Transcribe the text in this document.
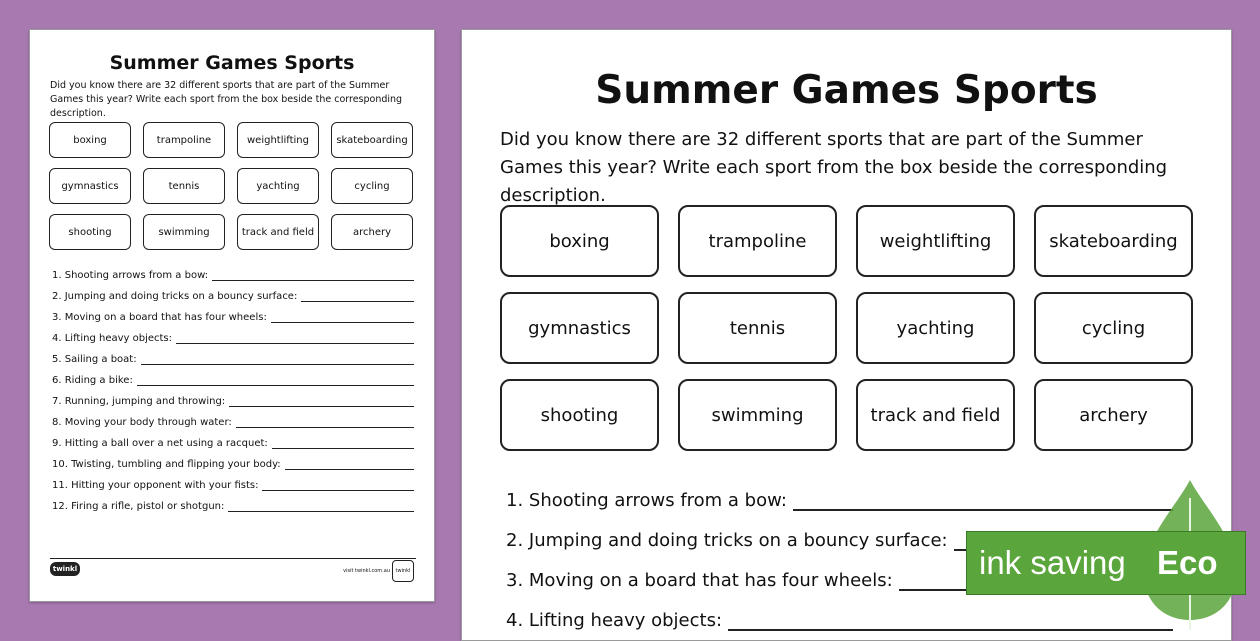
Summer Games Sports
Did you know there are 32 different sports that are part of the Summer Games this year? Write each sport from the box beside the corresponding description.
boxing	trampoline	weightlifting	skateboarding
gymnastics	tennis	yachting	cycling
shooting	swimming	track and field	archery
1. Shooting arrows from a bow:
2. Jumping and doing tricks on a bouncy surface:
3. Moving on a board that has four wheels:
4. Lifting heavy objects:
5. Sailing a boat:
6. Riding a bike:
7. Running, jumping and throwing:
8. Moving your body through water:
9. Hitting a ball over a net using a racquet:
10. Twisting, tumbling and flipping your body:
11. Hitting your opponent with your fists:
12. Firing a rifle, pistol or shotgun:
twinkl	visit twinkl.com.au	twinkl
Summer Games Sports
Did you know there are 32 different sports that are part of the Summer Games this year? Write each sport from the box beside the corresponding description.
boxing	trampoline	weightlifting	skateboarding
gymnastics	tennis	yachting	cycling
shooting	swimming	track and field	archery
1. Shooting arrows from a bow:
2. Jumping and doing tricks on a bouncy surface:
3. Moving on a board that has four wheels:
4. Lifting heavy objects:
ink saving Eco
